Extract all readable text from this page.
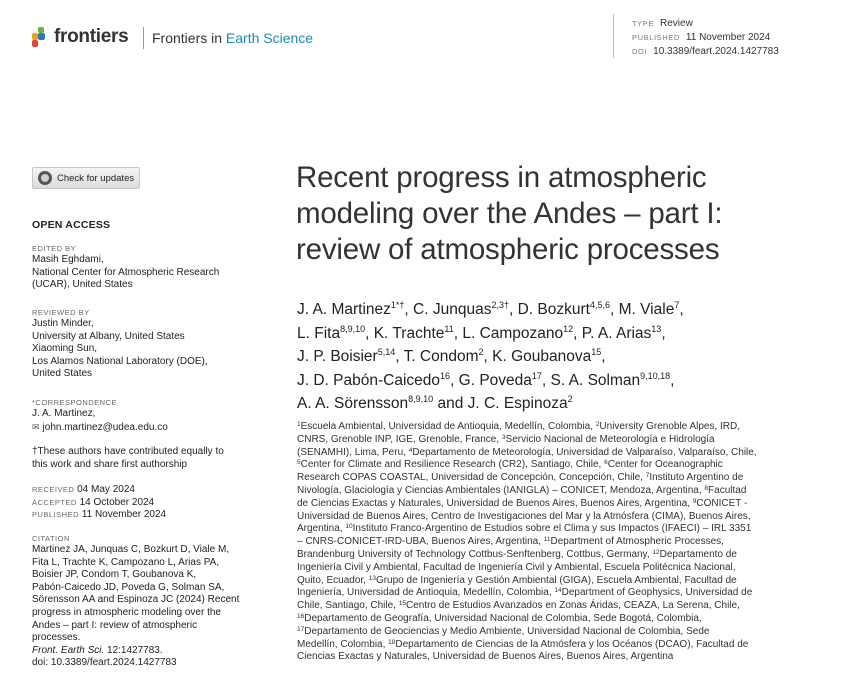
frontiers Frontiers in Earth Science
TYPE Review
PUBLISHED 11 November 2024
DOI 10.3389/feart.2024.1427783
Check for updates
OPEN ACCESS
EDITED BY
Masih Eghdami,
National Center for Atmospheric Research
(UCAR), United States
REVIEWED BY
Justin Minder,
University at Albany, United States
Xiaoming Sun,
Los Alamos National Laboratory (DOE),
United States
*CORRESPONDENCE
J. A. Martinez,
✉ john.martinez@udea.edu.co
†These authors have contributed equally to
this work and share first authorship
RECEIVED 04 May 2024
ACCEPTED 14 October 2024
PUBLISHED 11 November 2024
CITATION
Martinez JA, Junquas C, Bozkurt D, Viale M,
Fita L, Trachte K, Campozano L, Arias PA,
Boisier JP, Condom T, Goubanova K,
Pabón-Caicedo JD, Poveda G, Solman SA,
Sörensson AA and Espinoza JC (2024) Recent
progress in atmospheric modeling over the
Andes – part I: review of atmospheric
processes.
Front. Earth Sci. 12:1427783.
doi: 10.3389/feart.2024.1427783
Recent progress in atmospheric
modeling over the Andes – part I:
review of atmospheric processes
J. A. Martinez$^{1*\dagger}$, C. Junquas$^{2,3\dagger}$, D. Bozkurt$^{4,5,6}$, M. Viale$^7$,
L. Fita$^{8,9,10}$, K. Trachte$^{11}$, L. Campozano$^{12}$, P. A. Arias$^{13}$,
J. P. Boisier$^{5,14}$, T. Condom$^2$, K. Goubanova$^{15}$,
J. D. Pabón-Caicedo$^{16}$, G. Poveda$^{17}$, S. A. Solman$^{9,10,18}$,
A. A. Sörensson$^{8,9,10}$ and J. C. Espinoza$^2$
$^1$Escuela Ambiental, Universidad de Antioquia, Medellín, Colombia, $^2$University Grenoble Alpes, IRD,
CNRS, Grenoble INP, IGE, Grenoble, France, $^3$Servicio Nacional de Meteorología e Hidrología
(SENAMHI), Lima, Peru, $^4$Departamento de Meteorología, Universidad de Valparaíso, Valparaíso, Chile,
$^5$Center for Climate and Resilience Research (CR2), Santiago, Chile, $^6$Center for Oceanographic
Research COPAS COASTAL, Universidad de Concepción, Concepción, Chile, $^7$Instituto Argentino de
Nivología, Glaciología y Ciencias Ambientales (IANIGLA) – CONICET, Mendoza, Argentina, $^8$Facultad
de Ciencias Exactas y Naturales, Universidad de Buenos Aires, Buenos Aires, Argentina, $^9$CONICET -
Universidad de Buenos Aires, Centro de Investigaciones del Mar y la Atmósfera (CIMA), Buenos Aires,
Argentina, $^{10}$Instituto Franco-Argentino de Estudios sobre el Clima y sus Impactos (IFAECI) – IRL 3351
– CNRS-CONICET-IRD-UBA, Buenos Aires, Argentina, $^{11}$Department of Atmospheric Processes,
Brandenburg University of Technology Cottbus-Senftenberg, Cottbus, Germany, $^{12}$Departamento de
Ingeniería Civil y Ambiental, Facultad de Ingeniería Civil y Ambiental, Escuela Politécnica Nacional,
Quito, Ecuador, $^{13}$Grupo de Ingeniería y Gestión Ambiental (GIGA), Escuela Ambiental, Facultad de
Ingeniería, Universidad de Antioquia, Medellín, Colombia, $^{14}$Department of Geophysics, Universidad de
Chile, Santiago, Chile, $^{15}$Centro de Estudios Avanzados en Zonas Áridas, CEAZA, La Serena, Chile,
$^{16}$Departamento de Geografía, Universidad Nacional de Colombia, Sede Bogotá, Colombia,
$^{17}$Departamento de Geociencias y Medio Ambiente, Universidad Nacional de Colombia, Sede
Medellín, Colombia, $^{18}$Departamento de Ciencias de la Atmósfera y los Océanos (DCAO), Facultad de
Ciencias Exactas y Naturales, Universidad de Buenos Aires, Buenos Aires, Argentina
